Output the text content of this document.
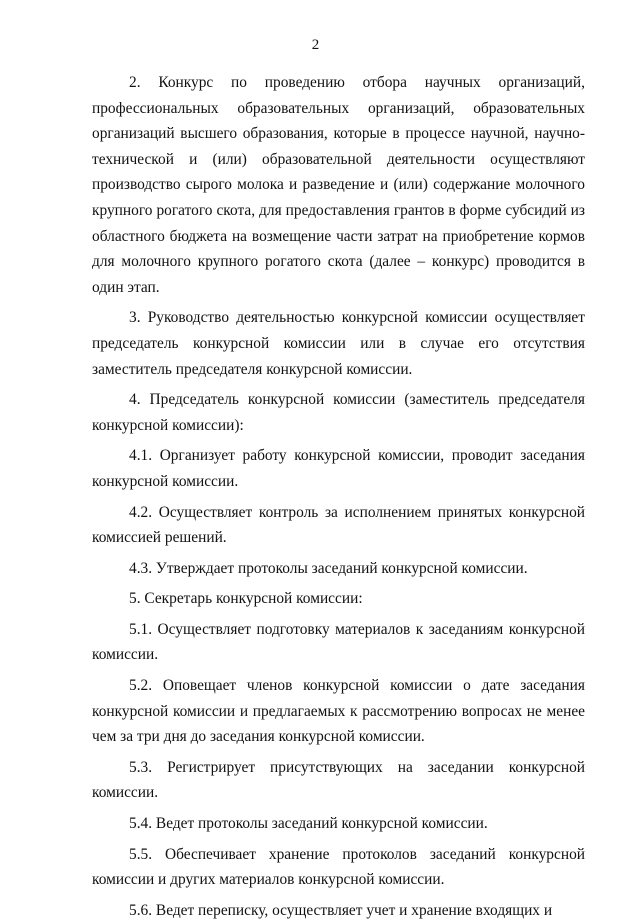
2

2. Конкурс по проведению отбора научных организаций, профессиональных образовательных организаций, образовательных организаций высшего образования, которые в процессе научной, научно-технической и (или) образовательной деятельности осуществляют производство сырого молока и разведение и (или) содержание молочного крупного рогатого скота, для предоставления грантов в форме субсидий из областного бюджета на возмещение части затрат на приобретение кормов для молочного крупного рогатого скота (далее – конкурс) проводится в один этап.

3. Руководство деятельностью конкурсной комиссии осуществляет председатель конкурсной комиссии или в случае его отсутствия заместитель председателя конкурсной комиссии.

4. Председатель конкурсной комиссии (заместитель председателя конкурсной комиссии):

4.1. Организует работу конкурсной комиссии, проводит заседания конкурсной комиссии.

4.2. Осуществляет контроль за исполнением принятых конкурсной комиссией решений.

4.3. Утверждает протоколы заседаний конкурсной комиссии.

5. Секретарь конкурсной комиссии:

5.1. Осуществляет подготовку материалов к заседаниям конкурсной комиссии.

5.2. Оповещает членов конкурсной комиссии о дате заседания конкурсной комиссии и предлагаемых к рассмотрению вопросах не менее чем за три дня до заседания конкурсной комиссии.

5.3. Регистрирует присутствующих на заседании конкурсной комиссии.

5.4. Ведет протоколы заседаний конкурсной комиссии.

5.5. Обеспечивает хранение протоколов заседаний конкурсной комиссии и других материалов конкурсной комиссии.

5.6. Ведет переписку, осуществляет учет и хранение входящих и
